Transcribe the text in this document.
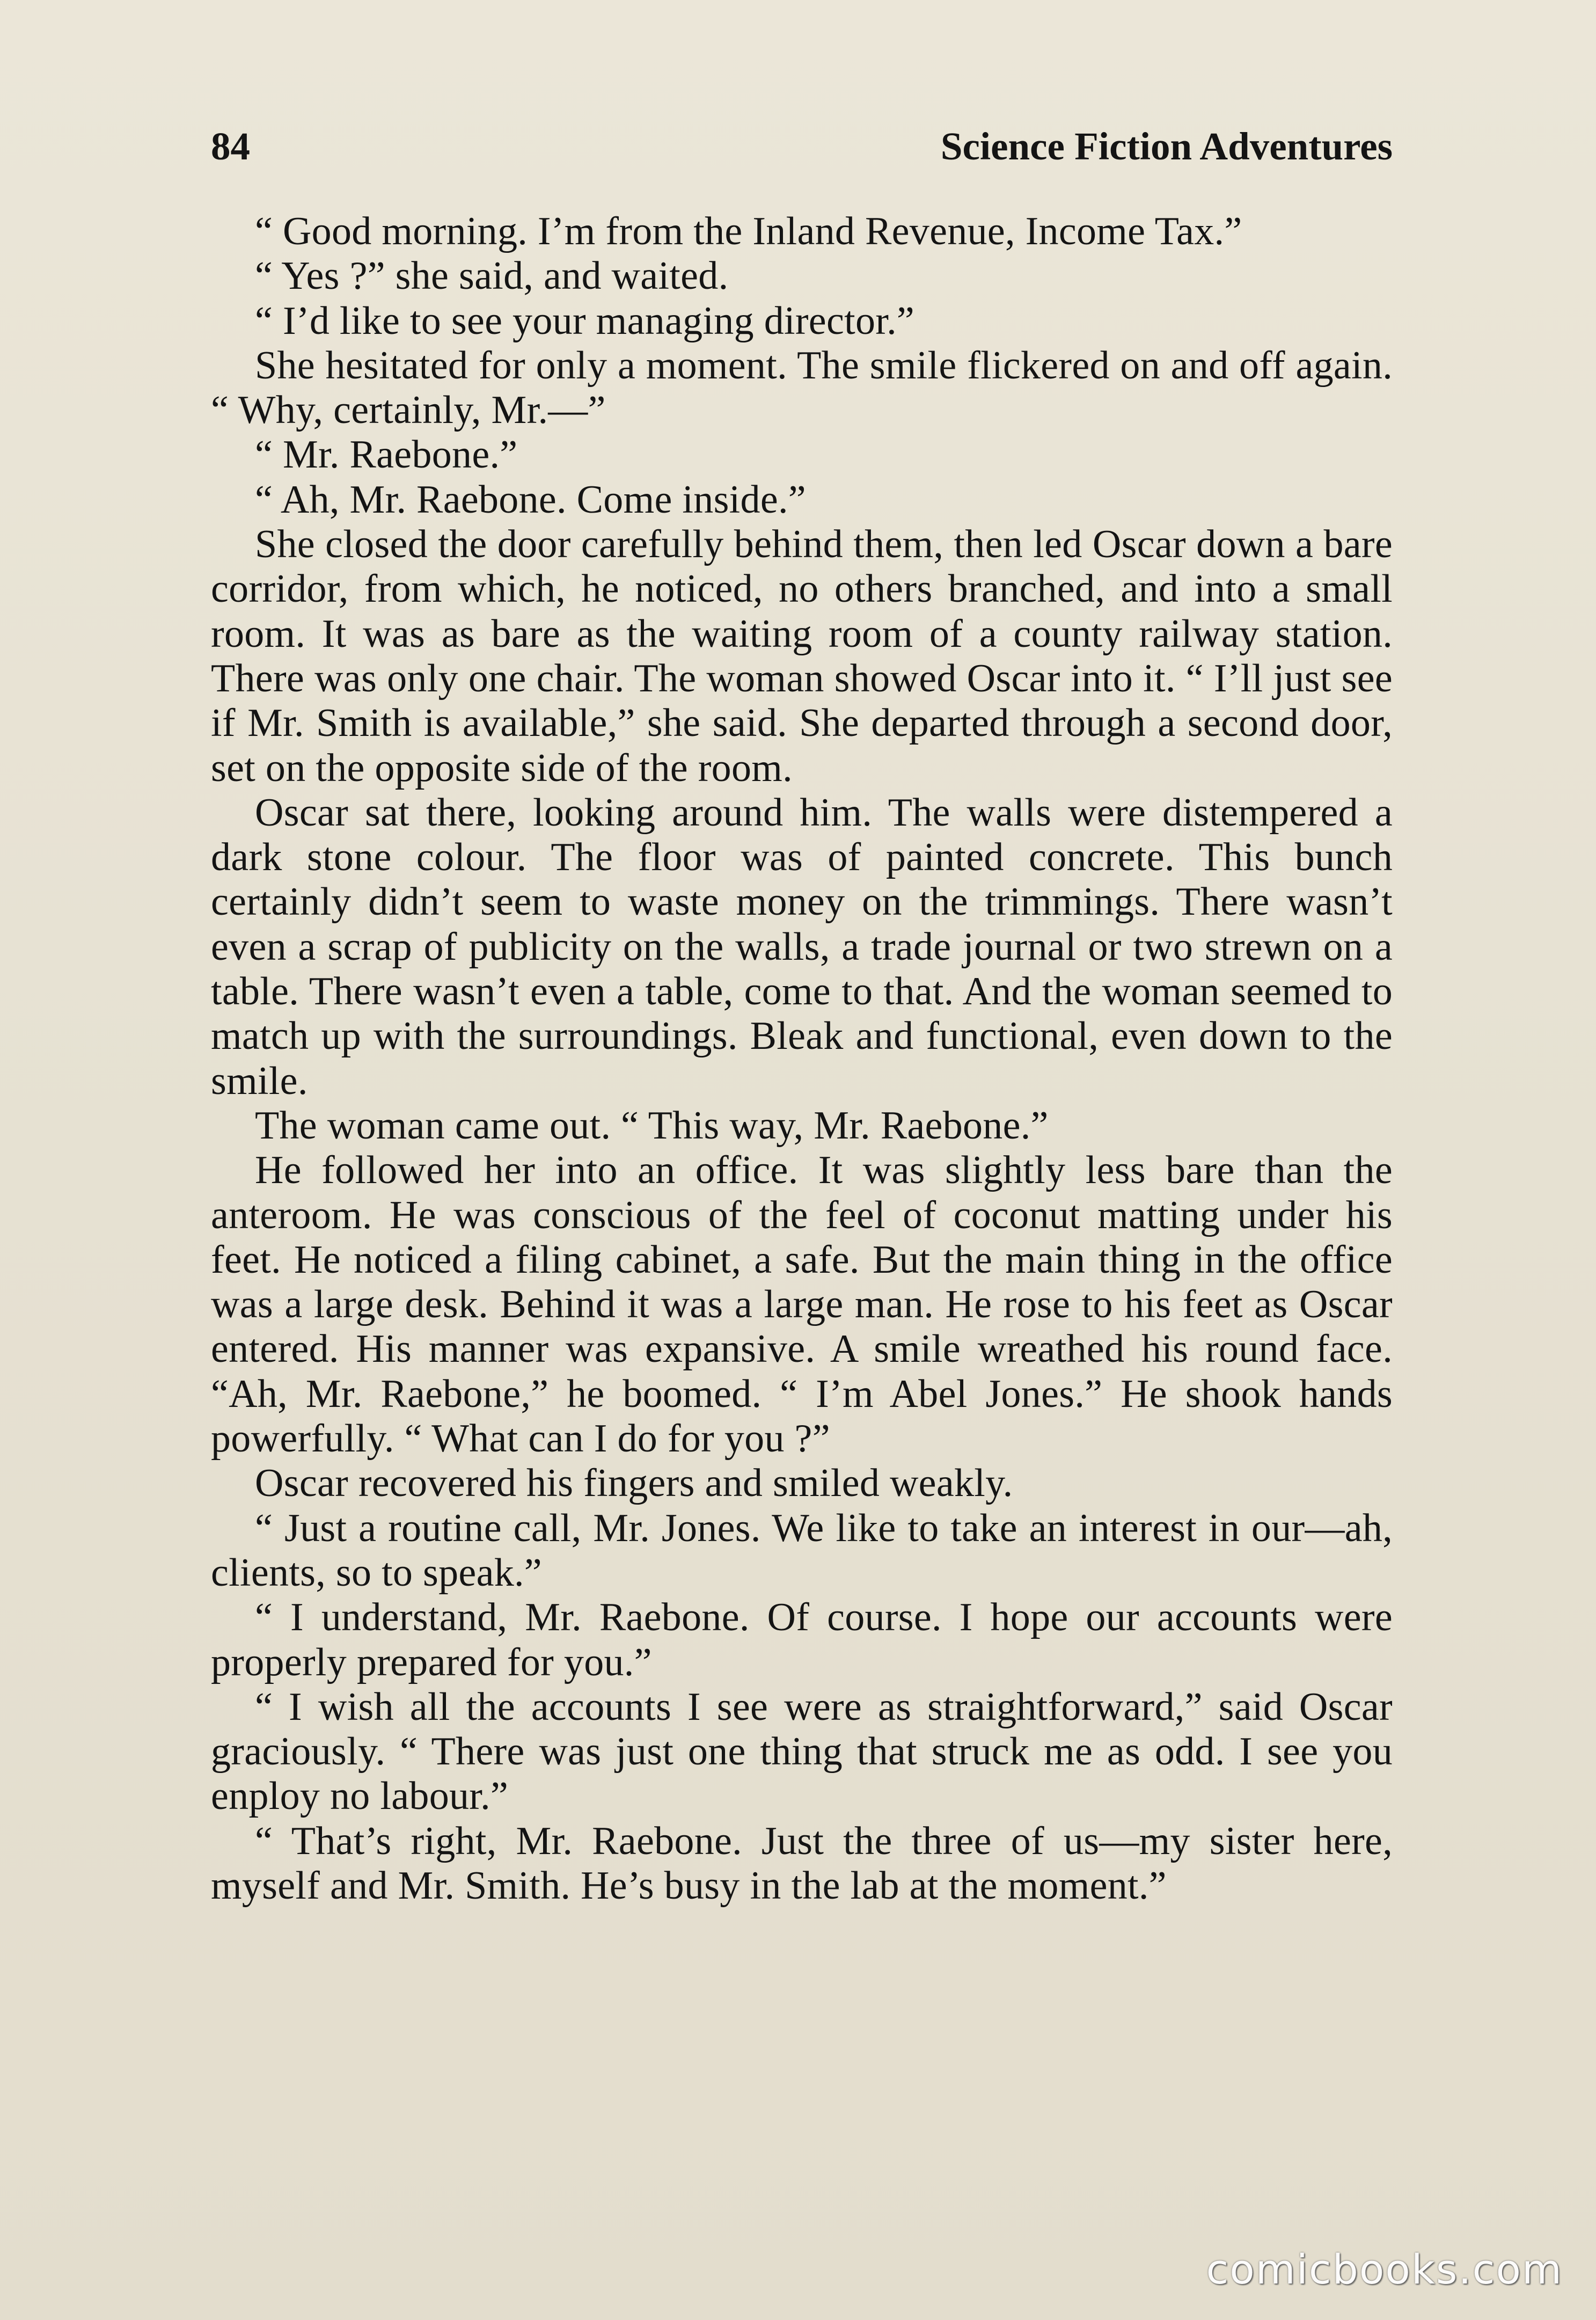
84	Science Fiction Adventures

“ Good morning. I’m from the Inland Revenue, Income Tax.”

“ Yes ?” she said, and waited.

“ I’d like to see your managing director.”

She hesitated for only a moment. The smile flickered on and off again. “ Why, certainly, Mr.—”

“ Mr. Raebone.”

“ Ah, Mr. Raebone. Come inside.”

She closed the door carefully behind them, then led Oscar down a bare corridor, from which, he noticed, no others branched, and into a small room. It was as bare as the waiting room of a county railway station. There was only one chair. The woman showed Oscar into it. “ I’ll just see if Mr. Smith is available,” she said. She departed through a second door, set on the opposite side of the room.

Oscar sat there, looking around him. The walls were distempered a dark stone colour. The floor was of painted concrete. This bunch certainly didn’t seem to waste money on the trimmings. There wasn’t even a scrap of publicity on the walls, a trade journal or two strewn on a table. There wasn’t even a table, come to that. And the woman seemed to match up with the surroundings. Bleak and functional, even down to the smile.

The woman came out. “ This way, Mr. Raebone.”

He followed her into an office. It was slightly less bare than the anteroom. He was conscious of the feel of coconut matting under his feet. He noticed a filing cabinet, a safe. But the main thing in the office was a large desk. Behind it was a large man. He rose to his feet as Oscar entered. His manner was expansive. A smile wreathed his round face. “Ah, Mr. Raebone,” he boomed. “ I’m Abel Jones.” He shook hands powerfully. “ What can I do for you ?”

Oscar recovered his fingers and smiled weakly.

“ Just a routine call, Mr. Jones. We like to take an interest in our—ah, clients, so to speak.”

“ I understand, Mr. Raebone. Of course. I hope our accounts were properly prepared for you.”

“ I wish all the accounts I see were as straightforward,” said Oscar graciously. “ There was just one thing that struck me as odd. I see you enploy no labour.”

“ That’s right, Mr. Raebone. Just the three of us—my sister here, myself and Mr. Smith. He’s busy in the lab at the moment.”

comicbooks.com
